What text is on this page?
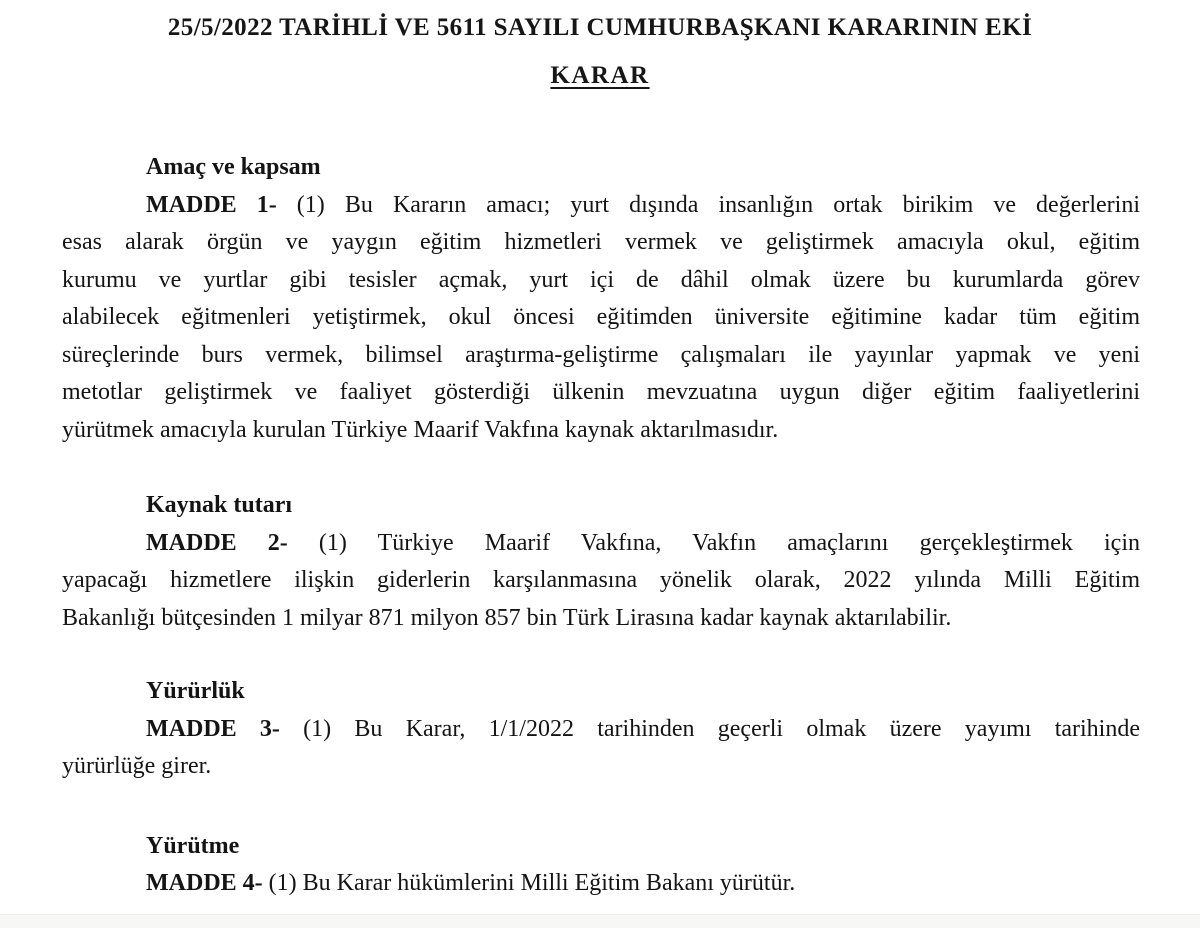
25/5/2022 TARİHLİ VE 5611 SAYILI CUMHURBAŞKANI KARARININ EKİ
KARAR
Amaç ve kapsam
MADDE 1- (1) Bu Kararın amacı; yurt dışında insanlığın ortak birikim ve değerlerini
esas alarak örgün ve yaygın eğitim hizmetleri vermek ve geliştirmek amacıyla okul, eğitim
kurumu ve yurtlar gibi tesisler açmak, yurt içi de dâhil olmak üzere bu kurumlarda görev
alabilecek eğitmenleri yetiştirmek, okul öncesi eğitimden üniversite eğitimine kadar tüm eğitim
süreçlerinde burs vermek, bilimsel araştırma-geliştirme çalışmaları ile yayınlar yapmak ve yeni
metotlar geliştirmek ve faaliyet gösterdiği ülkenin mevzuatına uygun diğer eğitim faaliyetlerini
yürütmek amacıyla kurulan Türkiye Maarif Vakfına kaynak aktarılmasıdır.
Kaynak tutarı
MADDE 2- (1) Türkiye Maarif Vakfına, Vakfın amaçlarını gerçekleştirmek için
yapacağı hizmetlere ilişkin giderlerin karşılanmasına yönelik olarak, 2022 yılında Milli Eğitim
Bakanlığı bütçesinden 1 milyar 871 milyon 857 bin Türk Lirasına kadar kaynak aktarılabilir.
Yürürlük
MADDE 3- (1) Bu Karar, 1/1/2022 tarihinden geçerli olmak üzere yayımı tarihinde
yürürlüğe girer.
Yürütme
MADDE 4- (1) Bu Karar hükümlerini Milli Eğitim Bakanı yürütür.
